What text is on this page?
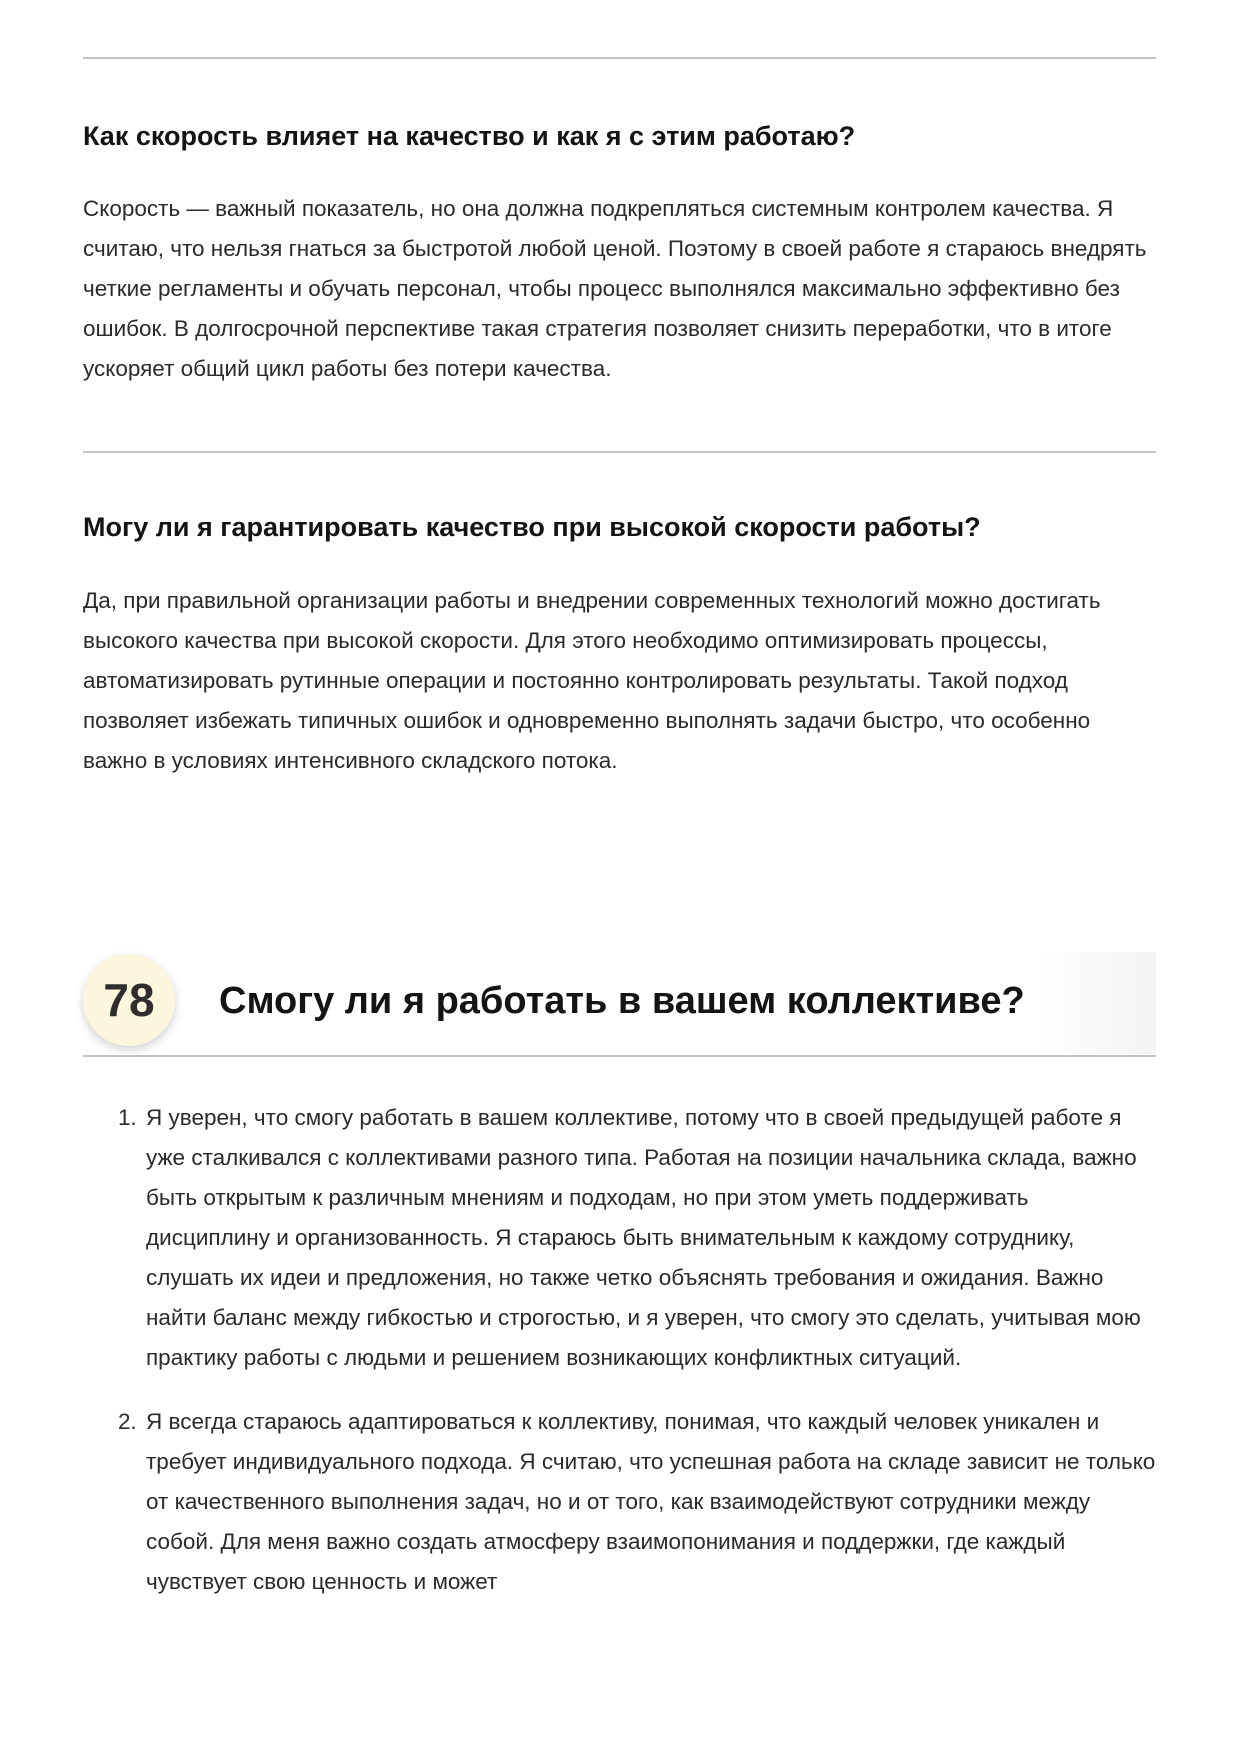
Как скорость влияет на качество и как я с этим работаю?

Скорость — важный показатель, но она должна подкрепляться системным контролем качества. Я считаю, что нельзя гнаться за быстротой любой ценой. Поэтому в своей работе я стараюсь внедрять четкие регламенты и обучать персонал, чтобы процесс выполнялся максимально эффективно без ошибок. В долгосрочной перспективе такая стратегия позволяет снизить переработки, что в итоге ускоряет общий цикл работы без потери качества.

Могу ли я гарантировать качество при высокой скорости работы?

Да, при правильной организации работы и внедрении современных технологий можно достигать высокого качества при высокой скорости. Для этого необходимо оптимизировать процессы, автоматизировать рутинные операции и постоянно контролировать результаты. Такой подход позволяет избежать типичных ошибок и одновременно выполнять задачи быстро, что особенно важно в условиях интенсивного складского потока.

78	Смогу ли я работать в вашем коллективе?
1. Я уверен, что смогу работать в вашем коллективе, потому что в своей предыдущей работе я уже сталкивался с коллективами разного типа. Работая на позиции начальника склада, важно быть открытым к различным мнениям и подходам, но при этом уметь поддерживать дисциплину и организованность. Я стараюсь быть внимательным к каждому сотруднику, слушать их идеи и предложения, но также четко объяснять требования и ожидания. Важно найти баланс между гибкостью и строгостью, и я уверен, что смогу это сделать, учитывая мою практику работы с людьми и решением возникающих конфликтных ситуаций.
2. Я всегда стараюсь адаптироваться к коллективу, понимая, что каждый человек уникален и требует индивидуального подхода. Я считаю, что успешная работа на складе зависит не только от качественного выполнения задач, но и от того, как взаимодействуют сотрудники между собой. Для меня важно создать атмосферу взаимопонимания и поддержки, где каждый чувствует свою ценность и может
